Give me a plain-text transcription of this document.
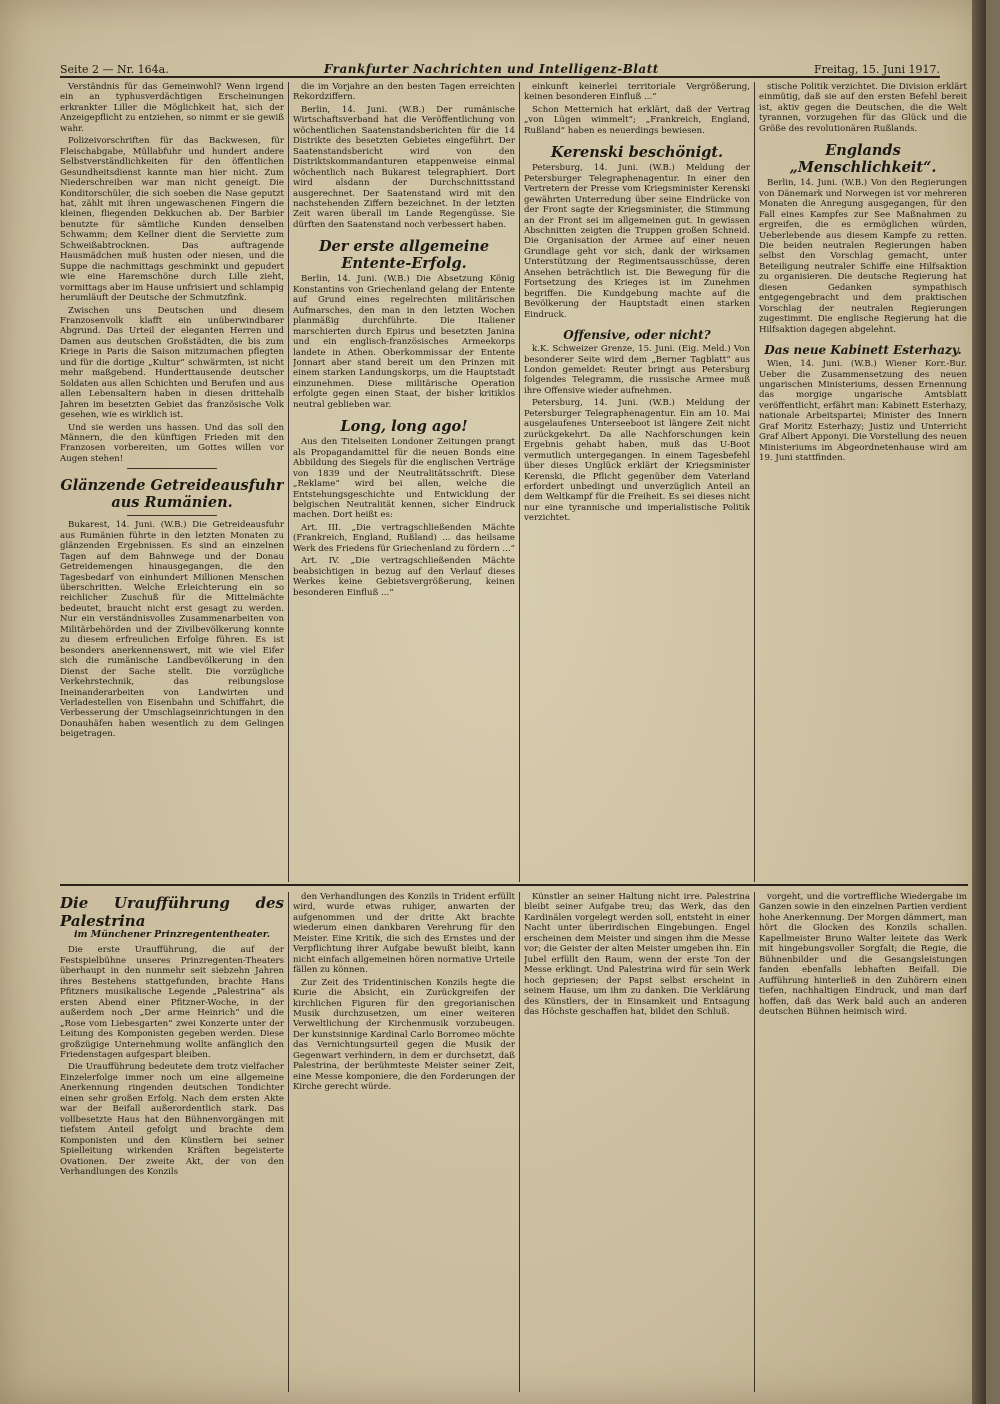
Seite 2 — Nr. 164a.	Frankfurter Nachrichten und Intelligenz-Blatt	Freitag, 15. Juni 1917.

Verständnis für das Gemeinwohl? Wenn irgend ein an typhusverdächtigen Erscheinungen erkrankter Liller die Möglichkeit hat, sich der Anzeigepflicht zu entziehen, so nimmt er sie gewiß wahr.

Polizeivorschriften für das Backwesen, für Fleischabgabe, Müllabfuhr und hundert andere Selbstverständlichkeiten für den öffentlichen Gesundheitsdienst kannte man hier nicht. Zum Niederschreiben war man nicht geneigt. Die Konditorschüler, die sich soeben die Nase geputzt hat, zählt mit ihren ungewaschenen Fingern die kleinen, fliegenden Dekkuchen ab. Der Barbier benutzte für sämtliche Kunden denselben Schwamm; dem Kellner dient die Serviette zum Schweißabtrocknen. Das auftragende Hausmädchen muß husten oder niesen, und die Suppe die nachmittags geschminkt und gepudert wie eine Haremschöne durch Lille zieht, vormittags aber im Hause unfrisiert und schlampig herumläuft der Deutsche der Schmutzfink.

Zwischen uns Deutschen und diesem Franzosenvolk klafft ein unüberwindbarer Abgrund. Das Urteil der eleganten Herren und Damen aus deutschen Großstädten, die bis zum Kriege in Paris die Saison mitzumachen pflegten und für die dortige „Kultur“ schwärmten, ist nicht mehr maßgebend. Hunderttausende deutscher Soldaten aus allen Schichten und Berufen und aus allen Lebensaltern haben in diesen drittehalb Jahren im besetzten Gebiet das französische Volk gesehen, wie es wirklich ist.

Und sie werden uns hassen. Und das soll den Männern, die den künftigen Frieden mit den Franzosen vorbereiten, um Gottes willen vor Augen stehen!

Glänzende Getreideausfuhr aus Rumänien.

Bukarest, 14. Juni. (W.B.) Die Getreideausfuhr aus Rumänien führte in den letzten Monaten zu glänzenden Ergebnissen. Es sind an einzelnen Tagen auf dem Bahnwege und der Donau Getreidemengen hinausgegangen, die den Tagesbedarf von einhundert Millionen Menschen überschritten. Welche Erleichterung ein so reichlicher Zuschuß für die Mittelmächte bedeutet, braucht nicht erst gesagt zu werden. Nur ein verständnisvolles Zusammenarbeiten von Militärbehörden und der Zivilbevölkerung konnte zu diesem erfreulichen Erfolge führen. Es ist besonders anerkennenswert, mit wie viel Eifer sich die rumänische Landbevölkerung in den Dienst der Sache stellt. Die vorzügliche Verkehrstechnik, das reibungslose Ineinanderarbeiten von Landwirten und Verladestellen von Eisenbahn und Schiffahrt, die Verbesserung der Umschlagseinrichtungen in den Donauhäfen haben wesentlich zu dem Gelingen beigetragen.

die im Vorjahre an den besten Tagen erreichten Rekordziffern.

Berlin, 14. Juni. (W.B.) Der rumänische Wirtschaftsverband hat die Veröffentlichung von wöchentlichen Saatenstandsberichten für die 14 Distrikte des besetzten Gebietes eingeführt. Der Saatenstandsbericht wird von den Distriktskommandanturen etappenweise einmal wöchentlich nach Bukarest telegraphiert. Dort wird alsdann der Durchschnittsstand ausgerechnet. Der Saatenstand wird mit den nachstehenden Ziffern bezeichnet. In der letzten Zeit waren überall im Lande Regengüsse. Sie dürften den Saatenstand noch verbessert haben.

Der erste allgemeine Entente-Erfolg.

Berlin, 14. Juni. (W.B.) Die Absetzung König Konstantins von Griechenland gelang der Entente auf Grund eines regelrechten militärischen Aufmarsches, den man in den letzten Wochen planmäßig durchführte. Die Italiener marschierten durch Epirus und besetzten Janina und ein englisch-französisches Armeekorps landete in Athen. Oberkommissar der Entente Jonnart aber stand bereit um den Prinzen mit einem starken Landungskorps, um die Hauptstadt einzunehmen. Diese militärische Operation erfolgte gegen einen Staat, der bisher kritiklos neutral geblieben war.

Long, long ago!

Aus den Titelseiten Londoner Zeitungen prangt als Propagandamittel für die neuen Bonds eine Abbildung des Siegels für die englischen Verträge von 1839 und der Neutralitätsschrift. Diese „Reklame“ wird bei allen, welche die Entstehungsgeschichte und Entwicklung der belgischen Neutralität kennen, sicher Eindruck machen. Dort heißt es:

Art. III. „Die vertragschließenden Mächte (Frankreich, England, Rußland) ... das heilsame Werk des Friedens für Griechenland zu fördern ...“

Art. IV. „Die vertragschließenden Mächte beabsichtigen in bezug auf den Verlauf dieses Werkes keine Gebietsvergrößerung, keinen besonderen Einfluß ...“

einkunft keinerlei territoriale Vergrößerung, keinen besonderen Einfluß ...“

Schon Metternich hat erklärt, daß der Vertrag „von Lügen wimmelt“; „Frankreich, England, Rußland“ haben es neuerdings bewiesen.

Kerenski beschönigt.

Petersburg, 14. Juni. (W.B.) Meldung der Petersburger Telegraphenagentur. In einer den Vertretern der Presse vom Kriegsminister Kerenski gewährten Unterredung über seine Eindrücke von der Front sagte der Kriegsminister, die Stimmung an der Front sei im allgemeinen gut. In gewissen Abschnitten zeigten die Truppen großen Schneid. Die Organisation der Armee auf einer neuen Grundlage geht vor sich, dank der wirksamen Unterstützung der Regimentsausschüsse, deren Ansehen beträchtlich ist. Die Bewegung für die Fortsetzung des Krieges ist im Zunehmen begriffen. Die Kundgebung machte auf die Bevölkerung der Hauptstadt einen starken Eindruck.

Offensive, oder nicht?

k.K. Schweizer Grenze, 15. Juni. (Eig. Meld.) Von besonderer Seite wird dem „Berner Tagblatt“ aus London gemeldet: Reuter bringt aus Petersburg folgendes Telegramm, die russische Armee muß ihre Offensive wieder aufnehmen.

Petersburg, 14. Juni. (W.B.) Meldung der Petersburger Telegraphenagentur. Ein am 10. Mai ausgelaufenes Unterseeboot ist längere Zeit nicht zurückgekehrt. Da alle Nachforschungen kein Ergebnis gehabt haben, muß das U-Boot vermutlich untergegangen. In einem Tagesbefehl über dieses Unglück erklärt der Kriegsminister Kerenski, die Pflicht gegenüber dem Vaterland erfordert unbedingt und unverzüglich Anteil an dem Weltkampf für die Freiheit. Es sei dieses nicht nur eine tyrannische und imperialistische Politik verzichtet.

stische Politik verzichtet. Die Division erklärt einmütig, daß sie auf den ersten Befehl bereit ist, aktiv gegen die Deutschen, die die Welt tyrannen, vorzugehen für das Glück und die Größe des revolutionären Rußlands.

Englands „Menschlichkeit“.

Berlin, 14. Juni. (W.B.) Von den Regierungen von Dänemark und Norwegen ist vor mehreren Monaten die Anregung ausgegangen, für den Fall eines Kampfes zur See Maßnahmen zu ergreifen, die es ermöglichen würden, Ueberlebende aus diesem Kampfe zu retten. Die beiden neutralen Regierungen haben selbst den Vorschlag gemacht, unter Beteiligung neutraler Schiffe eine Hilfsaktion zu organisieren. Die deutsche Regierung hat diesen Gedanken sympathisch entgegengebracht und dem praktischen Vorschlag der neutralen Regierungen zugestimmt. Die englische Regierung hat die Hilfsaktion dagegen abgelehnt.

Das neue Kabinett Esterhazy.

Wien, 14. Juni. (W.B.) Wiener Korr.-Bur. Ueber die Zusammensetzung des neuen ungarischen Ministeriums, dessen Ernennung das morgige ungarische Amtsblatt veröffentlicht, erfährt man: Kabinett Esterhazy, nationale Arbeitspartei; Minister des Innern Graf Moritz Esterhazy; Justiz und Unterricht Graf Albert Apponyi. Die Vorstellung des neuen Ministeriums im Abgeordnetenhause wird am 19. Juni stattfinden.

Die Uraufführung des Palestrina
im Münchener Prinzregententheater.

Die erste Uraufführung, die auf der Festspielbühne unseres Prinzregenten-Theaters überhaupt in den nunmehr seit siebzehn Jahren ihres Bestehens stattgefunden, brachte Hans Pfitzners musikalische Legende „Palestrina“ als ersten Abend einer Pfitzner-Woche, in der außerdem noch „Der arme Heinrich“ und die „Rose vom Liebesgarten“ zwei Konzerte unter der Leitung des Komponisten gegeben werden. Diese großzügige Unternehmung wollte anfänglich den Friedenstagen aufgespart bleiben.

Die Uraufführung bedeutete dem trotz vielfacher Einzelerfolge immer noch um eine allgemeine Anerkennung ringenden deutschen Tondichter einen sehr großen Erfolg. Nach dem ersten Akte war der Beifall außerordentlich stark. Das vollbesetzte Haus hat den Bühnenvorgängen mit tiefstem Anteil gefolgt und brachte dem Komponisten und den Künstlern bei seiner Spielleitung wirkenden Kräften begeisterte Ovationen. Der zweite Akt, der von den Verhandlungen des Konzils

den Verhandlungen des Konzils in Trident erfüllt wird, wurde etwas ruhiger, anwarten der aufgenommen und der dritte Akt brachte wiederum einen dankbaren Verehrung für den Meister. Eine Kritik, die sich des Ernstes und der Verpflichtung ihrer Aufgabe bewußt bleibt, kann nicht einfach allgemeinen hören normative Urteile fällen zu können.

Zur Zeit des Tridentinischen Konzils hegte die Kurie die Absicht, ein Zurückgreifen der kirchlichen Figuren für den gregorianischen Musik durchzusetzen, um einer weiteren Verweltlichung der Kirchenmusik vorzubeugen. Der kunstsinnige Kardinal Carlo Borromeo möchte das Vernichtungsurteil gegen die Musik der Gegenwart verhindern, in dem er durchsetzt, daß Palestrina, der berühmteste Meister seiner Zeit, eine Messe komponiere, die den Forderungen der Kirche gerecht würde.

Künstler an seiner Haltung nicht irre. Palestrina bleibt seiner Aufgabe treu; das Werk, das den Kardinälen vorgelegt werden soll, entsteht in einer Nacht unter überirdischen Eingebungen. Engel erscheinen dem Meister und singen ihm die Messe vor; die Geister der alten Meister umgeben ihn. Ein Jubel erfüllt den Raum, wenn der erste Ton der Messe erklingt. Und Palestrina wird für sein Werk hoch gepriesen; der Papst selbst erscheint in seinem Hause, um ihm zu danken. Die Verklärung des Künstlers, der in Einsamkeit und Entsagung das Höchste geschaffen hat, bildet den Schluß.

vorgeht, und die vortreffliche Wiedergabe im Ganzen sowie in den einzelnen Partien verdient hohe Anerkennung. Der Morgen dämmert, man hört die Glocken des Konzils schallen. Kapellmeister Bruno Walter leitete das Werk mit hingebungsvoller Sorgfalt; die Regie, die Bühnenbilder und die Gesangsleistungen fanden ebenfalls lebhaften Beifall. Die Aufführung hinterließ in den Zuhörern einen tiefen, nachhaltigen Eindruck, und man darf hoffen, daß das Werk bald auch an anderen deutschen Bühnen heimisch wird.
